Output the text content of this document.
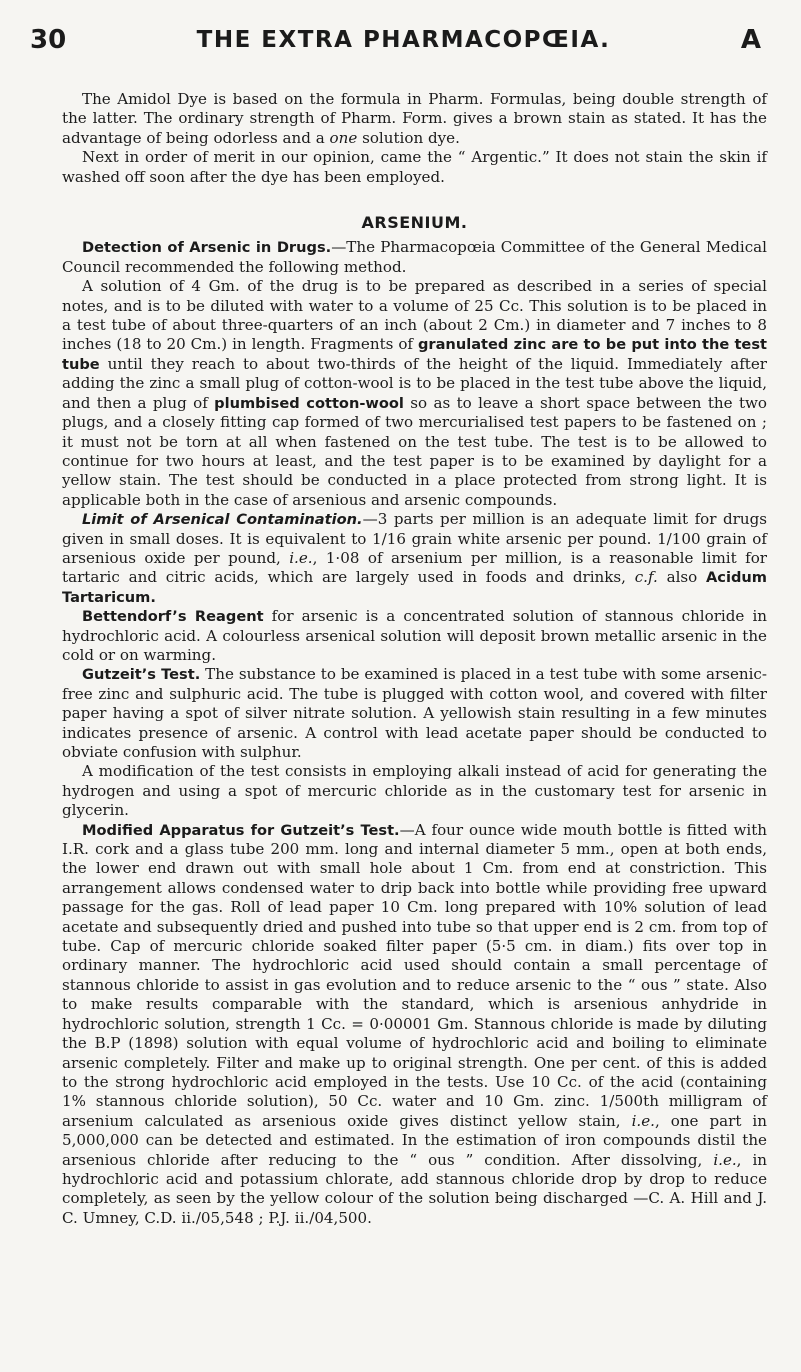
30	THE EXTRA PHARMACOPŒIA.	A

The Amidol Dye is based on the formula in Pharm. Formulas, being double strength of the latter. The ordinary strength of Pharm. Form. gives a brown stain as stated. It has the advantage of being odorless and a one solution dye.

Next in order of merit in our opinion, came the “ Argentic.” It does not stain the skin if washed off soon after the dye has been employed.

ARSENIUM.

Detection of Arsenic in Drugs.—The Pharmacopœia Committee of the General Medical Council recommended the following method.

A solution of 4 Gm. of the drug is to be prepared as described in a series of special notes, and is to be diluted with water to a volume of 25 Cc. This solution is to be placed in a test tube of about three-quarters of an inch (about 2 Cm.) in diameter and 7 inches to 8 inches (18 to 20 Cm.) in length. Fragments of granulated zinc are to be put into the test tube until they reach to about two-thirds of the height of the liquid. Immediately after adding the zinc a small plug of cotton-wool is to be placed in the test tube above the liquid, and then a plug of plumbised cotton-wool so as to leave a short space between the two plugs, and a closely fitting cap formed of two mercurialised test papers to be fastened on ; it must not be torn at all when fastened on the test tube. The test is to be allowed to continue for two hours at least, and the test paper is to be examined by daylight for a yellow stain. The test should be conducted in a place protected from strong light. It is applicable both in the case of arsenious and arsenic compounds.

Limit of Arsenical Contamination.—3 parts per million is an adequate limit for drugs given in small doses. It is equivalent to 1/16 grain white arsenic per pound. 1/100 grain of arsenious oxide per pound, i.e., 1·08 of arsenium per million, is a reasonable limit for tartaric and citric acids, which are largely used in foods and drinks, c.f. also Acidum Tartaricum.

Bettendorf’s Reagent for arsenic is a concentrated solution of stannous chloride in hydrochloric acid. A colourless arsenical solution will deposit brown metallic arsenic in the cold or on warming.

Gutzeit’s Test. The substance to be examined is placed in a test tube with some arsenic-free zinc and sulphuric acid. The tube is plugged with cotton wool, and covered with filter paper having a spot of silver nitrate solution. A yellowish stain resulting in a few minutes indicates presence of arsenic. A control with lead acetate paper should be conducted to obviate confusion with sulphur.

A modification of the test consists in employing alkali instead of acid for generating the hydrogen and using a spot of mercuric chloride as in the customary test for arsenic in glycerin.

Modified Apparatus for Gutzeit’s Test.—A four ounce wide mouth bottle is fitted with I.R. cork and a glass tube 200 mm. long and internal diameter 5 mm., open at both ends, the lower end drawn out with small hole about 1 Cm. from end at constriction. This arrangement allows condensed water to drip back into bottle while providing free upward passage for the gas. Roll of lead paper 10 Cm. long prepared with 10% solution of lead acetate and subsequently dried and pushed into tube so that upper end is 2 cm. from top of tube. Cap of mercuric chloride soaked filter paper (5·5 cm. in diam.) fits over top in ordinary manner. The hydrochloric acid used should contain a small percentage of stannous chloride to assist in gas evolution and to reduce arsenic to the “ ous ” state. Also to make results comparable with the standard, which is arsenious anhydride in hydrochloric solution, strength 1 Cc. = 0·00001 Gm. Stannous chloride is made by diluting the B.P (1898) solution with equal volume of hydrochloric acid and boiling to eliminate arsenic completely. Filter and make up to original strength. One per cent. of this is added to the strong hydrochloric acid employed in the tests. Use 10 Cc. of the acid (containing 1% stannous chloride solution), 50 Cc. water and 10 Gm. zinc. 1/500th milligram of arsenium calculated as arsenious oxide gives distinct yellow stain, i.e., one part in 5,000,000 can be detected and estimated. In the estimation of iron compounds distil the arsenious chloride after reducing to the “ ous ” condition. After dissolving, i.e., in hydrochloric acid and potassium chlorate, add stannous chloride drop by drop to reduce completely, as seen by the yellow colour of the solution being discharged —C. A. Hill and J. C. Umney, C.D. ii./05,548 ; P.J. ii./04,500.
